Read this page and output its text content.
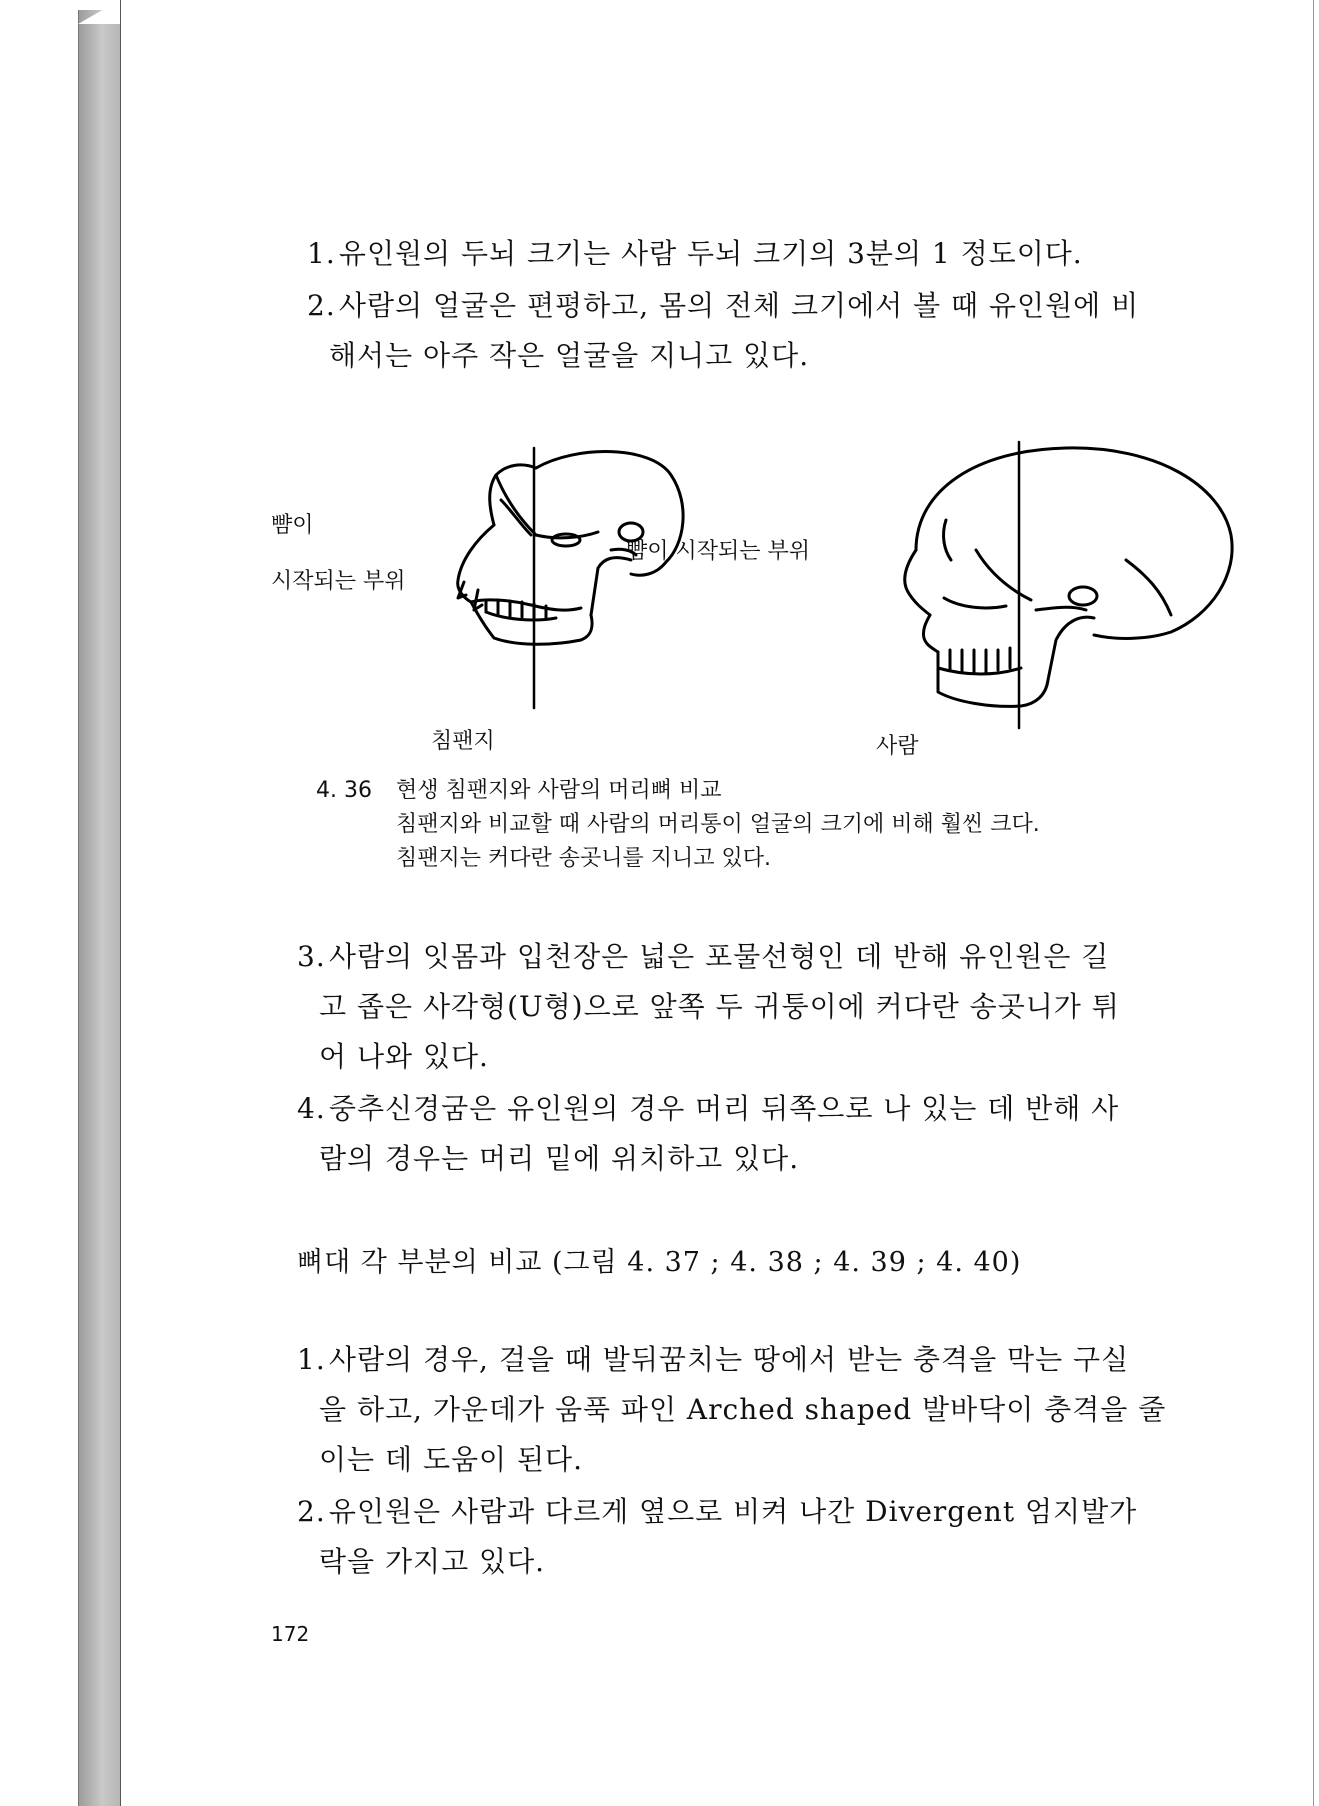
1. 유인원의 두뇌 크기는 사람 두뇌 크기의 3분의 1 정도이다.
2. 사람의 얼굴은 편평하고, 몸의 전체 크기에서 볼 때 유인원에 비
해서는 아주 작은 얼굴을 지니고 있다.

뺨이

시작되는 부위

뺨이 시작되는 부위
침팬지	사람
4. 36 현생 침팬지와 사람의 머리뼈 비교
침팬지와 비교할 때 사람의 머리통이 얼굴의 크기에 비해 훨씬 크다.
침팬지는 커다란 송곳니를 지니고 있다.
3. 사람의 잇몸과 입천장은 넓은 포물선형인 데 반해 유인원은 길
고 좁은 사각형(U형)으로 앞쪽 두 귀퉁이에 커다란 송곳니가 튀
어 나와 있다.
4. 중추신경굼은 유인원의 경우 머리 뒤쪽으로 나 있는 데 반해 사
람의 경우는 머리 밑에 위치하고 있다.
뼈대 각 부분의 비교 (그림 4. 37 ; 4. 38 ; 4. 39 ; 4. 40)
1. 사람의 경우, 걸을 때 발뒤꿈치는 땅에서 받는 충격을 막는 구실
을 하고, 가운데가 움푹 파인 Arched shaped 발바닥이 충격을 줄
이는 데 도움이 된다.
2. 유인원은 사람과 다르게 옆으로 비켜 나간 Divergent 엄지발가
락을 가지고 있다.
172
